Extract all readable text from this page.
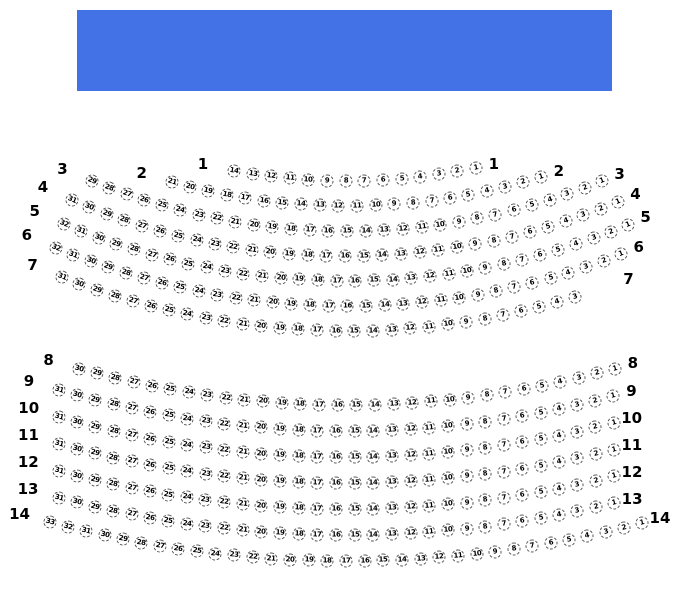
14	13	12	11	10	9	8	7	6	5	4	3	2	1
1	1
21	20	19	18	17	16	15	14	13	12	11	10	9	8	7	6	5	4	3
2
1
2	2
29
28
27
26
25	24	23	22	21	20	19	18	17	16	15	14	13	12	11	10	9	8	7	6
5
4
3
2
1
3	3
31
30
29
28
27
26	25	24	23	22	21	20	19	18	17	16	15	14	13	12	11	10	9	8	7
6
5
4
3
2
1
4	4
32
31
30
29
28
27	26	25	24	23	22	21	20	19	18	17	16	15	14	13	12	11	10	9	8	7
6
5
4
3
2
1
5	5
32
31
30
29
28
27	26	25	24	23	22	21	20	19	18	17	16	15	14	13	12	11	10	9	8	7	6
5
4
3
2
1
6
6
31
30
29
28
27	26	25	24	23	22	21	20	19	18	17	16	15	14	13	12	11	10	9	8	7	6	5
4
3
7
7
30	29	28	27	26	25	24	23	22	21	20	19	18	17	16	15	14	13	12	11	10	9	8	7	6	5	4	3
2
1
8	8
31	30	29	28	27	26	25	24	23	22	21	20	19	18	17	16	15	14	13	12	11	10	9	8	7	6	5	4	3	2
1
9
9
31	30	29	28	27	26	25	24	23	22	21	20	19	18	17	16	15	14	13	12	11	10	9	8	7	6	5	4	3	2
1
10
10
31	30	29	28	27	26	25	24	23	22	21	20	19	18	17	16	15	14	13	12	11	10	9	8	7	6	5	4	3	2
1
11
11
31	30	29	28	27	26	25	24	23	22	21	20	19	18	17	16	15	14	13	12	11	10	9	8	7	6	5	4	3	2	1
12
12
31	30	29	28	27	26	25	24	23	22	21	20	19	18	17	16	15	14	13	12	11	10	9	8	7	6	5	4	3	2	1
13
13
33	32	31	30	29	28	27	26	25	24	23	22	21	20	19	18	17	16	15	14	13	12	11	10	9	8	7	6	5	4	3	2
1
14	14
